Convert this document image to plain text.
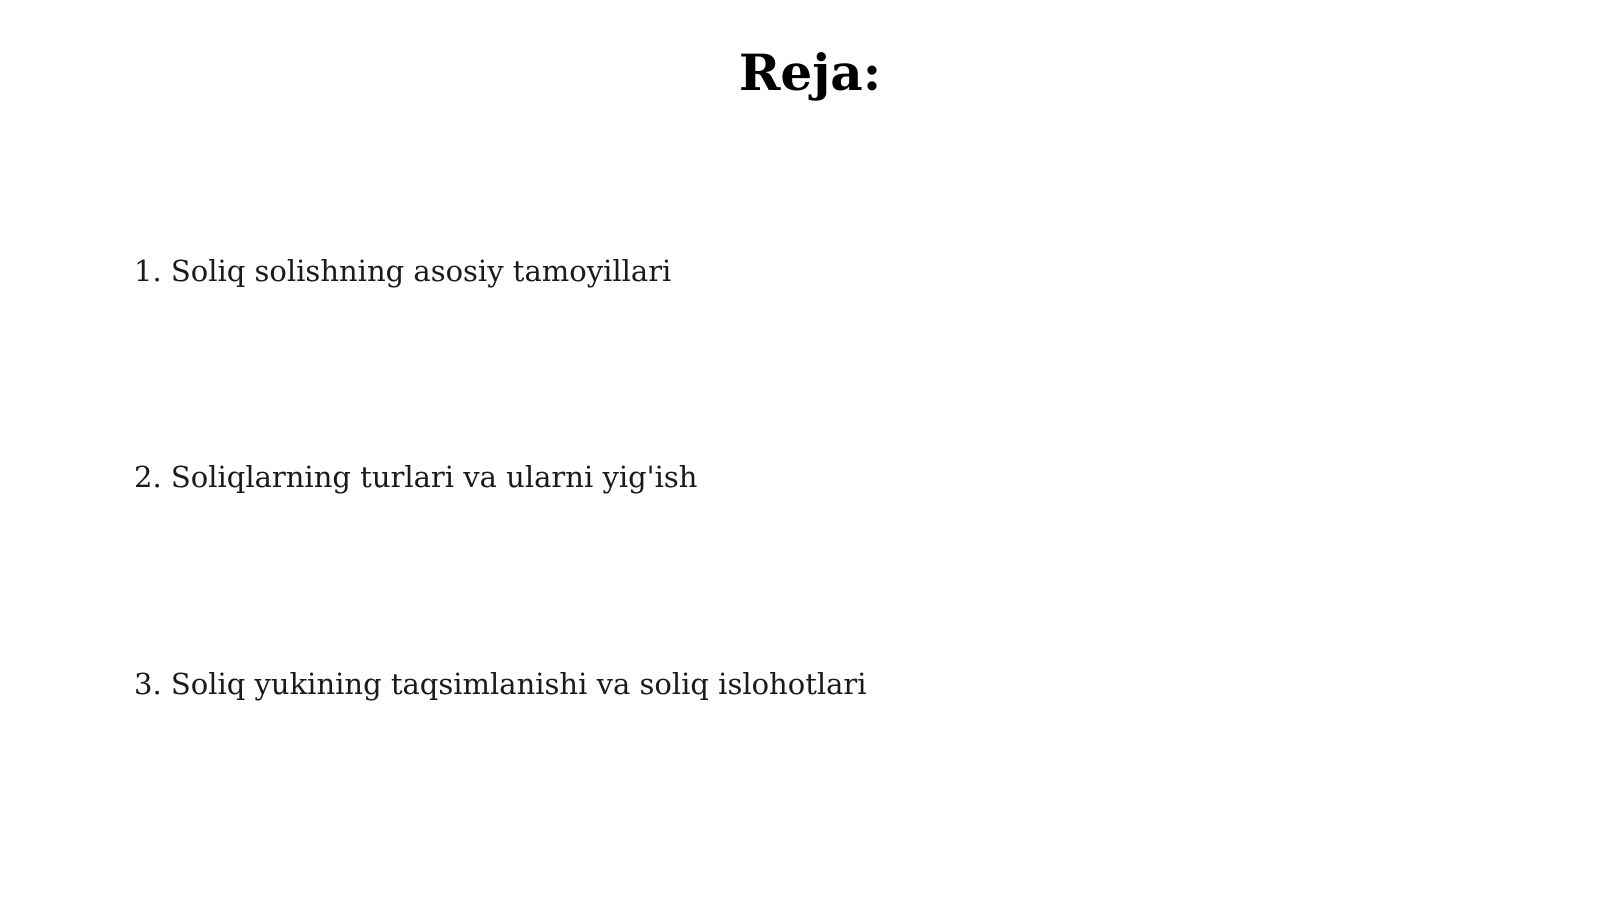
Reja:
1. Soliq solishning asosiy tamoyillari
2. Soliqlarning turlari va ularni yig'ish
3. Soliq yukining taqsimlanishi va soliq islohotlari
